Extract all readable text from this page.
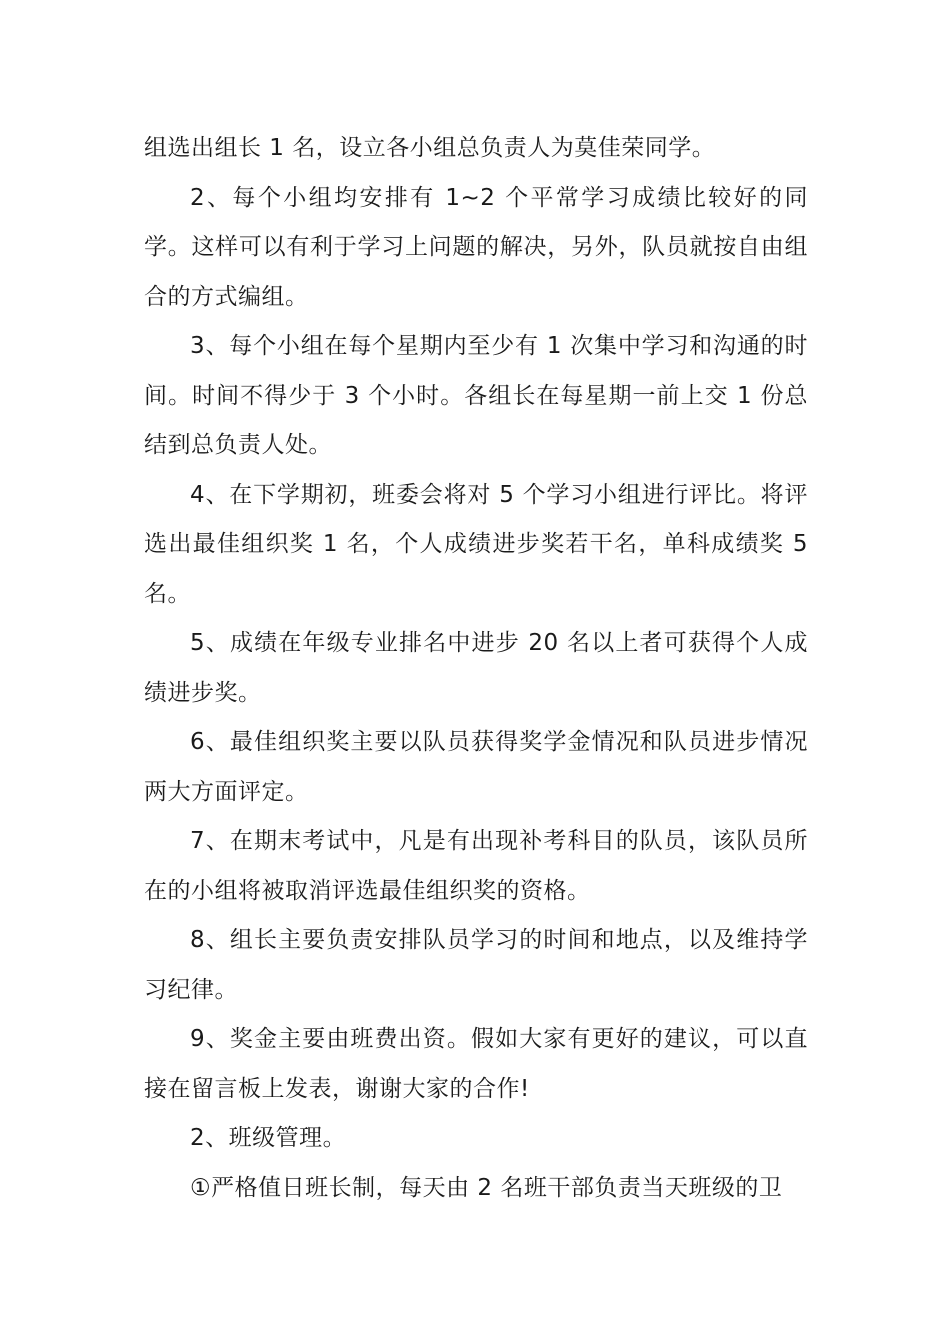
组选出组长 1 名，设立各小组总负责人为莫佳荣同学。

2、每个小组均安排有 1~2 个平常学习成绩比较好的同学。这样可以有利于学习上问题的解决，另外，队员就按自由组合的方式编组。

3、每个小组在每个星期内至少有 1 次集中学习和沟通的时间。时间不得少于 3 个小时。各组长在每星期一前上交 1 份总结到总负责人处。

4、在下学期初，班委会将对 5 个学习小组进行评比。将评选出最佳组织奖 1 名，个人成绩进步奖若干名，单科成绩奖 5 名。

5、成绩在年级专业排名中进步 20 名以上者可获得个人成绩进步奖。

6、最佳组织奖主要以队员获得奖学金情况和队员进步情况两大方面评定。

7、在期末考试中，凡是有出现补考科目的队员，该队员所在的小组将被取消评选最佳组织奖的资格。

8、组长主要负责安排队员学习的时间和地点，以及维持学习纪律。

9、奖金主要由班费出资。假如大家有更好的建议，可以直接在留言板上发表，谢谢大家的合作!

2、班级管理。

①严格值日班长制，每天由 2 名班干部负责当天班级的卫
